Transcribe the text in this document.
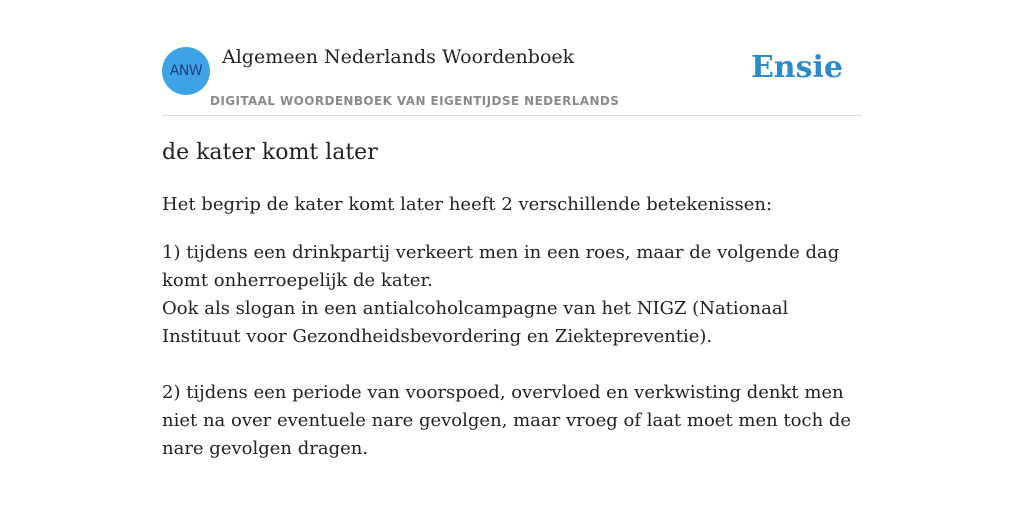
ANW
Algemeen Nederlands Woordenboek
DIGITAAL WOORDENBOEK VAN EIGENTIJDSE NEDERLANDS
Ensie
de kater komt later
Het begrip de kater komt later heeft 2 verschillende betekenissen:

1) tijdens een drinkpartij verkeert men in een roes, maar de volgende dag komt onherroepelijk de kater.

Ook als slogan in een antialcoholcampagne van het NIGZ (Nationaal Instituut voor Gezondheidsbevordering en Ziektepreventie).

2) tijdens een periode van voorspoed, overvloed en verkwisting denkt men niet na over eventuele nare gevolgen, maar vroeg of laat moet men toch de nare gevolgen dragen.
